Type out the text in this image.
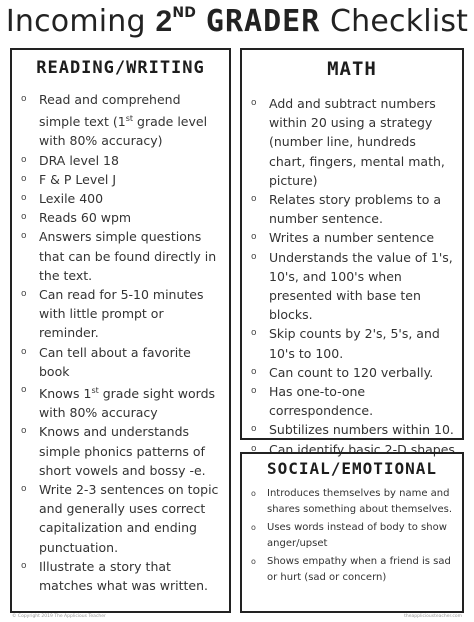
Incoming 2ND GRADER Checklist
READING/WRITING
o Read and comprehend simple text (1st grade level with 80% accuracy)
o DRA level 18
o F & P Level J
o Lexile 400
o Reads 60 wpm
o Answers simple questions that can be found directly in the text.
o Can read for 5-10 minutes with little prompt or reminder.
o Can tell about a favorite book
o Knows 1st grade sight words with 80% accuracy
o Knows and understands simple phonics patterns of short vowels and bossy -e.
o Write 2-3 sentences on topic and generally uses correct capitalization and ending punctuation.
o Illustrate a story that matches what was written.
MATH
o Add and subtract numbers within 20 using a strategy (number line, hundreds chart, fingers, mental math, picture)
o Relates story problems to a number sentence.
o Writes a number sentence
o Understands the value of 1's, 10's, and 100's when presented with base ten blocks.
o Skip counts by 2's, 5's, and 10's to 100.
o Can count to 120 verbally.
o Has one-to-one correspondence.
o Subtilizes numbers within 10.
o Can identify basic 2-D shapes
SOCIAL/EMOTIONAL
o Introduces themselves by name and shares something about themselves.
o Uses words instead of body to show anger/upset
o Shows empathy when a friend is sad or hurt (sad or concern)
© Copyright 2019 The Applicious Teacher	theappliciousteacher.com
